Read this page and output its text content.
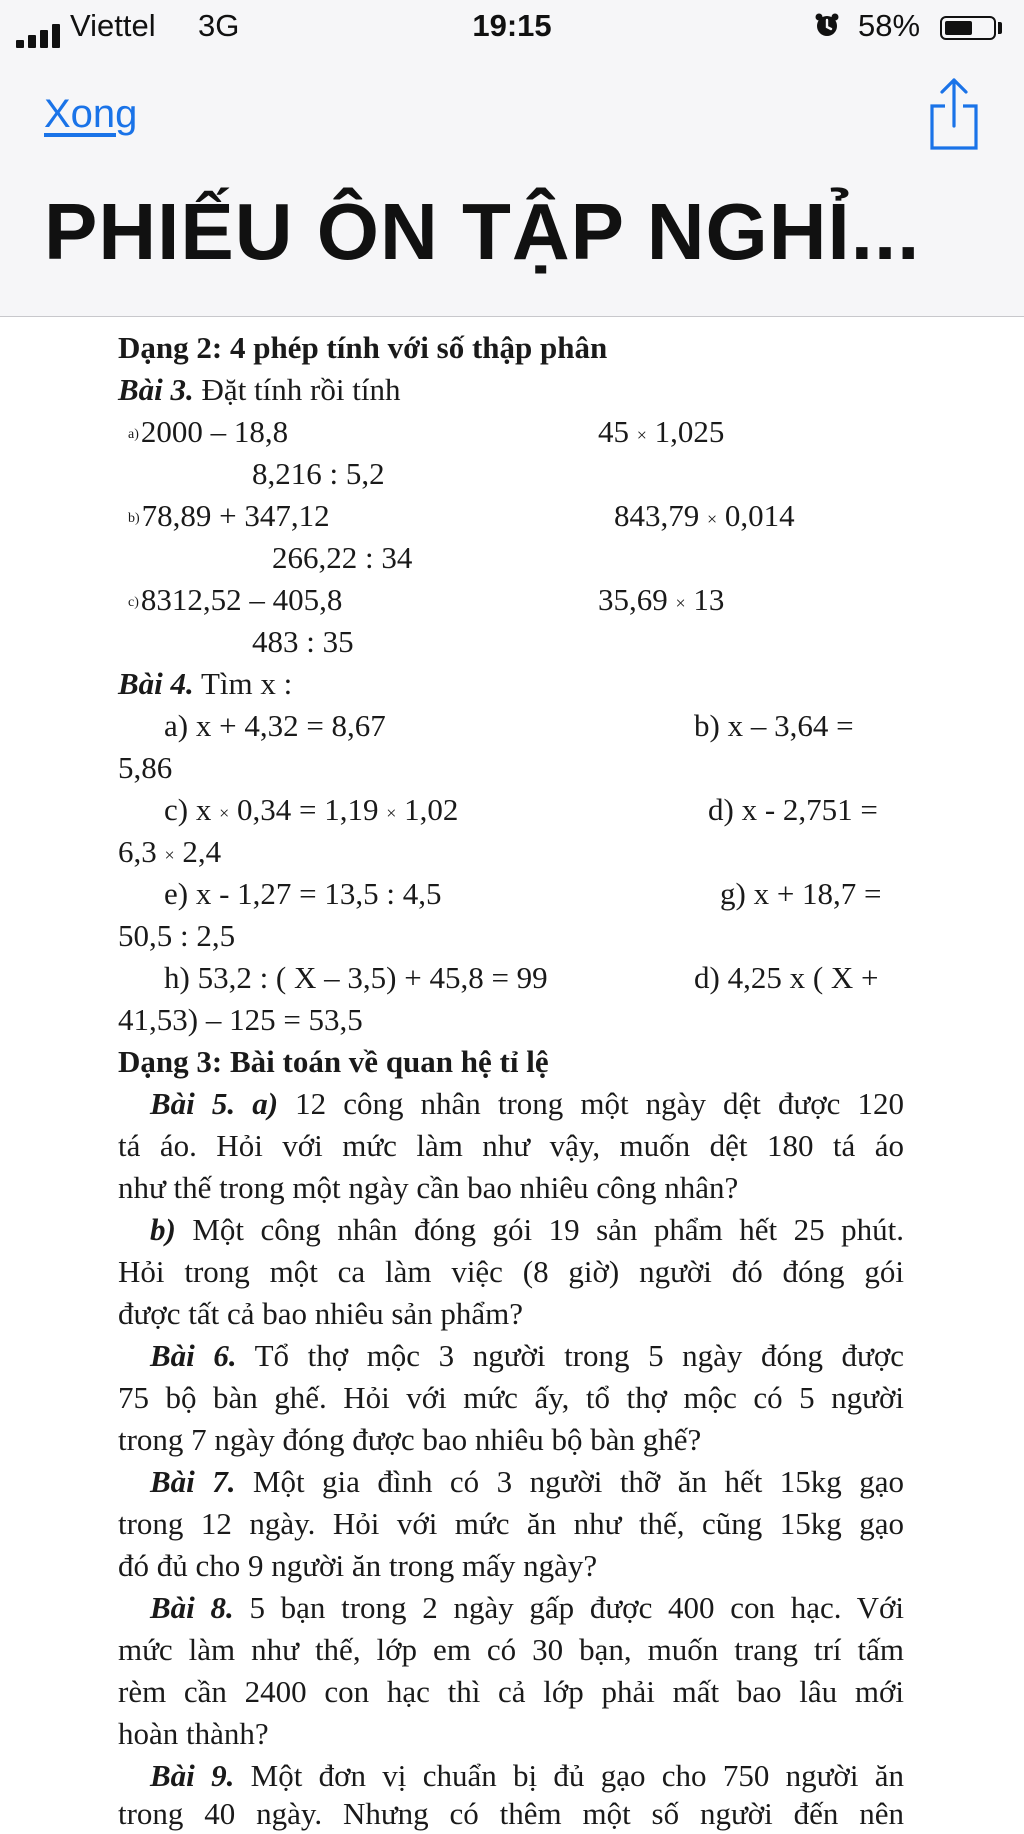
Viettel 3G	19:15	58%
Xong
PHIẾU ÔN TẬP NGHỈ...
Dạng 2: 4 phép tính với số thập phân
Bài 3. Đặt tính rồi tính
a)2000 – 18,8	45 × 1,025
8,216 : 5,2
b)78,89 + 347,12	843,79 × 0,014
266,22 : 34
c)8312,52 – 405,8	35,69 × 13
483 : 35
Bài 4. Tìm x :
a) x + 4,32 = 8,67	b) x – 3,64 =
5,86
c) x × 0,34 = 1,19 × 1,02	d) x - 2,751 =
6,3 × 2,4
e) x - 1,27 = 13,5 : 4,5	g) x + 18,7 =
50,5 : 2,5
h) 53,2 : ( X – 3,5) + 45,8 = 99	d) 4,25 x ( X +
41,53) – 125 = 53,5
Dạng 3: Bài toán về quan hệ tỉ lệ
Bài 5. a) 12 công nhân trong một ngày dệt được 120
tá áo. Hỏi với mức làm như vậy, muốn dệt 180 tá áo
như thế trong một ngày cần bao nhiêu công nhân?
b) Một công nhân đóng gói 19 sản phẩm hết 25 phút.
Hỏi trong một ca làm việc (8 giờ) người đó đóng gói
được tất cả bao nhiêu sản phẩm?
Bài 6. Tổ thợ mộc 3 người trong 5 ngày đóng được
75 bộ bàn ghế. Hỏi với mức ấy, tổ thợ mộc có 5 người
trong 7 ngày đóng được bao nhiêu bộ bàn ghế?
Bài 7. Một gia đình có 3 người thỡ ăn hết 15kg gạo
trong 12 ngày. Hỏi với mức ăn như thế, cũng 15kg gạo
đó đủ cho 9 người ăn trong mấy ngày?
Bài 8. 5 bạn trong 2 ngày gấp được 400 con hạc. Với
mức làm như thế, lớp em có 30 bạn, muốn trang trí tấm
rèm cần 2400 con hạc thì cả lớp phải mất bao lâu mới
hoàn thành?
Bài 9. Một đơn vị chuẩn bị đủ gạo cho 750 người ăn
trong 40 ngày. Nhưng có thêm một số người đến nên
